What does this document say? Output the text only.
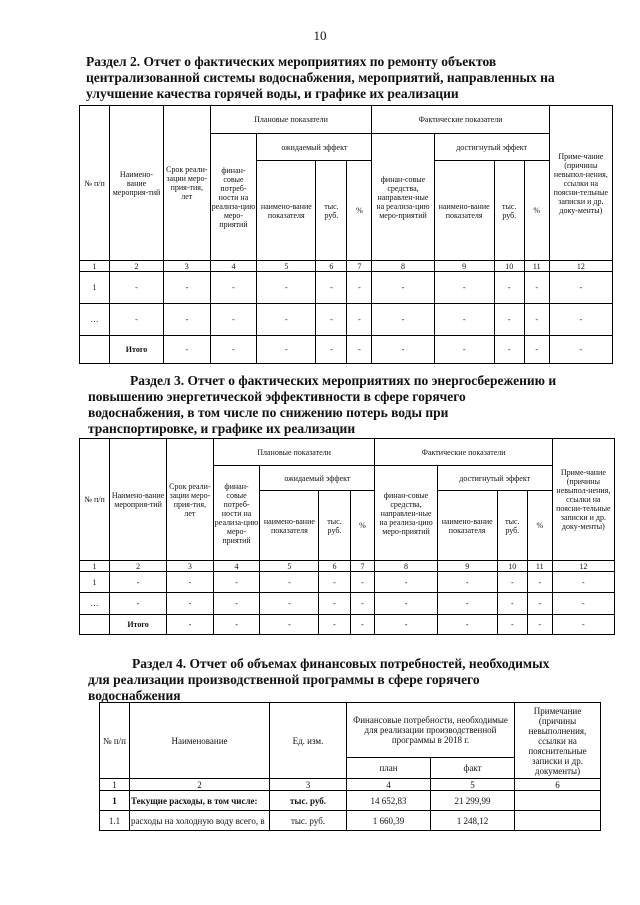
10
Раздел 2. Отчет о фактических мероприятиях по ремонту объектов
централизованной системы водоснабжения, мероприятий, направленных на
улучшение качества горячей воды, и графике их реализации
№ п/п	Наимено-вание мероприя-тий	Срок реали-зации меро-прия-тия, лет	Плановые показатели				Фактические показатели				Приме-чание (причины невыпол-нения, ссылки на поясни-тельные записки и др. доку-менты)
			финан-совые потреб-ности на реализа-цию меро-приятий	ожидаемый эффект			финан-совые средства, направлен-ные на реализа-цию меро-приятий	достигнутый эффект			
				наимено-вание показателя	тыс. руб.	%		наимено-вание показателя	тыс. руб.	%	
1	2	3	4	5	6	7	8	9	10	11	12
1	-	-	-	-	-	-	-	-	-	-	-
…	-	-	-	-	-	-	-	-	-	-	-
	Итого	-	-	-	-	-	-	-	-	-	-
Раздел 3. Отчет о фактических мероприятиях по энергосбережению и
повышению энергетической эффективности в сфере горячего
водоснабжения, в том числе по снижению потерь воды при
транспортировке, и графике их реализации
№ п/п	Наимено-вание мероприя-тий	Срок реали-зации меро-прия-тия, лет	Плановые показатели				Фактические показатели				Приме-чание (причины невыпол-нения, ссылки на поясни-тельные записки и др. доку-менты)
			финан-совые потреб-ности на реализа-цию меро-приятий	ожидаемый эффект			финан-совые средства, направлен-ные на реализа-цию меро-приятий	достигнутый эффект			
				наимено-вание показателя	тыс. руб.	%		наимено-вание показателя	тыс. руб.	%	
1	2	3	4	5	6	7	8	9	10	11	12
1	-	-	-	-	-	-	-	-	-	-	-
…	-	-	-	-	-	-	-	-	-	-	-
	Итого	-	-	-	-	-	-	-	-	-	-
Раздел 4. Отчет об объемах финансовых потребностей, необходимых
для реализации производственной программы в сфере горячего
водоснабжения
№ п/п	Наименование	Ед. изм.	Финансовые потребности, необходимые для реализации производственной программы в 2018 г.		Примечание (причины невыполнения, ссылки на пояснительные записки и др. документы)
			план	факт	
1	2	3	4	5	6
1	Текущие расходы, в том числе:	тыс. руб.	14 652,83	21 299,99	
1.1	расходы на холодную воду всего, в	тыс. руб.	1 660,39	1 248,12	
